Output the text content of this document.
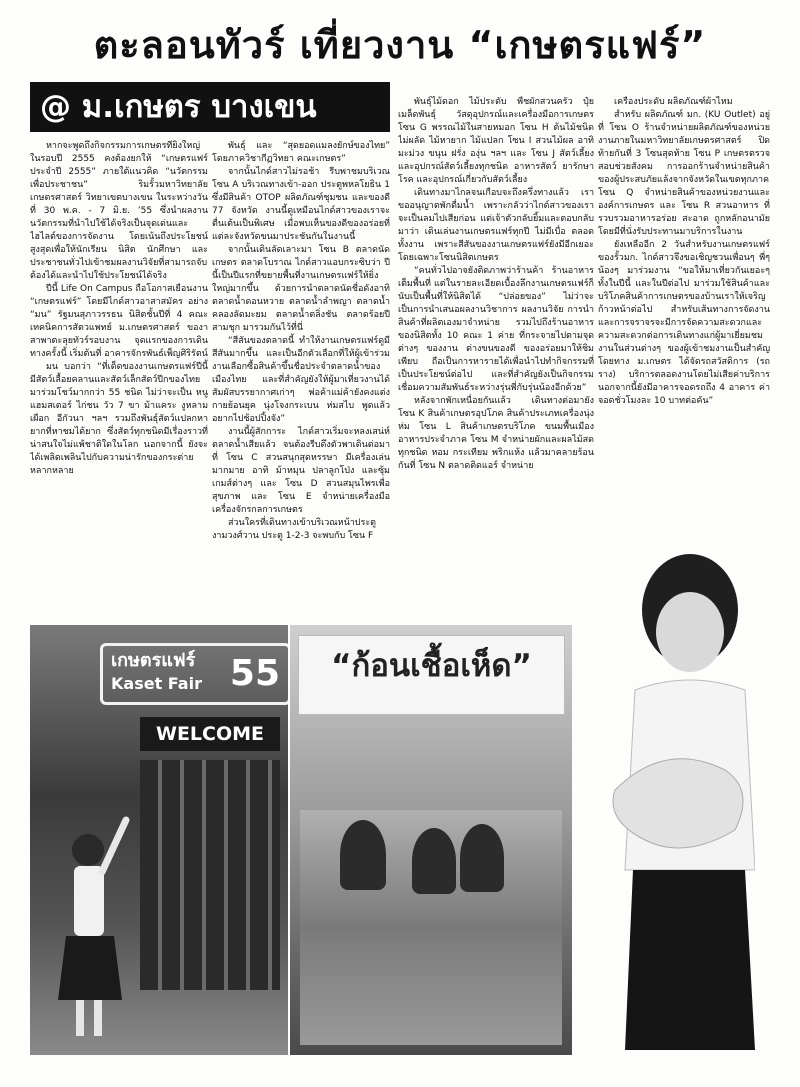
ตะลอนทัวร์ เที่ยวงาน “เกษตรแฟร์”
@ ม.เกษตร บางเขน

หากจะพูดถึงกิจกรรมการเกษตรที่ยิ่งใหญ่ในรอบปี 2555 คงต้องยกให้ “เกษตรแฟร์ ประจำปี 2555” ภายใต้แนวคิด “นวัตกรรมเพื่อประชาชน” ริมรั้วมหาวิทยาลัยเกษตรศาสตร์ วิทยาเขตบางเขน ในระหว่างวันที่ 30 พ.ค. - 7 มิ.ย. ’55 ซึ่งนำผลงานนวัตกรรมที่นำไปใช้ได้จริงเป็นจุดเด่นและไฮไลต์ของการจัดงาน โดยเน้นถึงประโยชน์สูงสุดเพื่อให้นักเรียน นิสิต นักศึกษา และประชาชนทั่วไปเข้าชมผลงานวิจัยที่สามารถจับต้องได้และนำไปใช้ประโยชน์ได้จริง

ปีนี้ Life On Campus ถือโอกาสเยือนงาน “เกษตรแฟร์” โดยมีไกด์สาวอาสาสมัคร อย่าง “มน” รัฐมนสุภาวรรธน นิสิตชั้นปีที่ 4 คณะเทคนิคการสัตวแพทย์ ม.เกษตรศาสตร์ ของาสาพาตะลุยทัวร์รอบงาน จุดแรกของการเดินทางครั้งนี้ เริ่มต้นที่ อาคารจักรพันธ์เพ็ญศิริรัตน์

มน บอกว่า “ที่เด็ดของงานเกษตรแฟร์ปีนี้ มีสัตว์เลื้อยคลานและสัตว์เล็กสัตว์ปีกของไทยมาร่วมโชว์มากกว่า 55 ชนิด ไม่ว่าจะเป็น หนูแฮมสเตอร์ ไก่ชน วัว 7 ขา ม้าแคระ งูหลามเผือก อีกัวนา ฯลฯ รวมถึงพันธุ์สัตว์แปลกหายากที่หาชมได้ยาก ซึ่งสัตว์ทุกชนิดมีเรื่องราวที่น่าสนใจไม่แพ้ชาติใดในโลก นอกจากนี้ ยังจะได้เพลิดเพลินไปกับความน่ารักของกระต่ายหลากหลาย

พันธุ์ และ “สุดยอดแมลงยักษ์ของไทย” โดยภาควิชากีฏวิทยา คณะเกษตร”

จากนั้นไกด์สาวไม่รอช้า รีบพาชมบริเวณ โซน A บริเวณทางเข้า-ออก ประตูพหลโยธิน 1 ซึ่งมีสินค้า OTOP ผลิตภัณฑ์ชุมชน และของดี 77 จังหวัด งานนี้ดูเหมือนไกด์สาวของเราจะตื่นเต้นเป็นพิเศษ เมื่อพบเห็นของดีของอร่อยที่แต่ละจังหวัดขนมาประชันกันในงานนี้

จากนั้นเดินลัดเลาะมา โซน B ตลาดนัดเกษตร ตลาดโบราณ ไกด์สาวแอบกระซิบว่า ปีนี้เป็นปีแรกที่ขยายพื้นที่งานเกษตรแฟร์ให้ยิ่งใหญ่มากขึ้น ด้วยการนำตลาดนัดชื่อดังอาทิ ตลาดน้ำดอนหวาย ตลาดน้ำลำพญา ตลาดน้ำคลองลัดมะยม ตลาดน้ำตลิ่งชัน ตลาดร้อยปีสามชุก มารวมกันไว้ที่นี่

“สีสันของตลาดนี้ ทำให้งานเกษตรแฟร์ดูมีสีสันมากขึ้น และเป็นอีกตัวเลือกที่ให้ผู้เข้าร่วมงานเลือกซื้อสินค้าขึ้นชื่อประจำตลาดน้ำของเมืองไทย และที่สำคัญยังให้ผู้มาเที่ยวงานได้สัมผัสบรรยากาศเก่าๆ พ่อค้าแม่ค้ายังคงแต่งกายย้อนยุค นุ่งโจงกระเบน ห่มสไบ พูดแล้วอยากไปช้อปปิ้งจัง”

งานนี้ผู้สักการะ ไกด์สาวเริ่มจะหลงเสน่ห์ตลาดน้ำเสียแล้ว จนต้องรีบดึงตัวพาเดินต่อมาที่ โซน C สวนสนุกสุดหรรษา มีเครื่องเล่นมากมาย อาทิ ม้าหมุน ปลาลูกโป่ง และซุ้มเกมส์ต่างๆ และ โซน D สวนสมุนไพรเพื่อสุขภาพ และ โซน E จำหน่ายเครื่องมือเครื่องจักรกลการเกษตร

ส่วนใครที่เดินทางเข้าบริเวณหน้าประตูงามวงศ์วาน ประตู 1-2-3 จะพบกับ โซน F

พันธุ์ไม้ดอก ไม้ประดับ พืชผักสวนครัว ปุ๋ย เมล็ดพันธุ์ วัสดุอุปกรณ์และเครื่องมือการเกษตร โซน G พรรณไม้ในสายหมอก โซน H ต้นไม้ชนิดไม่ผลัด ไม้หายาก ไม้แปลก โซน I สวนไม้ผล อาทิ มะม่วง ขนุน ฝรั่ง องุ่น ฯลฯ และ โซน J สัตว์เลี้ยงและอุปกรณ์สัตว์เลี้ยงทุกชนิด อาหารสัตว์ ยารักษาโรค และอุปกรณ์เกี่ยวกับสัตว์เลี้ยง

เดินทางมาไกลจนเกือบจะถึงครึ่งทางแล้ว เราขออนุญาตพักดื่มน้ำ เพราะกลัวว่าไกด์สาวของเราจะเป็นลมไปเสียก่อน แต่เจ้าตัวกลับยิ้มและตอบกลับมาว่า เดินเล่นงานเกษตรแฟร์ทุกปี ไม่มีเบื่อ ตลอดทั้งงาน เพราะสีสันของงานเกษตรแฟร์ยังมีอีกเยอะ โดยเฉพาะโซนนิสิตเกษตร

“คนทั่วไปอาจยังติดภาพว่าร้านค้า ร้านอาหาร เต็มพื้นที่ แต่ในรายละเอียดเบื้องลึกงานเกษตรแฟร์ก็นับเป็นพื้นที่ให้นิสิตได้ “ปล่อยของ” ไม่ว่าจะเป็นการนำเสนอผลงานวิชาการ ผลงานวิจัย การนำสินค้าที่ผลิตเองมาจำหน่าย รวมไปถึงร้านอาหารของนิสิตทั้ง 10 คณะ 1 ค่าย ที่กระจายไปตามจุดต่างๆ ของงาน ต่างขนของดี ของอร่อยมาให้ชิมเพียบ ถือเป็นการหารายได้เพื่อนำไปทำกิจกรรมที่เป็นประโยชน์ต่อไป และที่สำคัญยังเป็นกิจกรรมเชื่อมความสัมพันธ์ระหว่างรุ่นพี่กับรุ่นน้องอีกด้วย”

หลังจากพักเหนื่อยกันแล้ว เดินทางต่อมายัง โซน K สินค้าเกษตรอุปโภค สินค้าประเภทเครื่องนุ่งห่ม โซน L สินค้าเกษตรบริโภค ขนมพื้นเมือง อาหารประจำภาค โซน M จำหน่ายผักและผลไม้สดทุกชนิด หอม กระเทียม พริกแห้ง แล้วมาคลายร้อนกันที่ โซน N ตลาดติดแอร์ จำหน่าย

เครื่องประดับ ผลิตภัณฑ์ผ้าไหม

สำหรับ ผลิตภัณฑ์ มก. (KU Outlet) อยู่ที่ โซน O ร้านจำหน่ายผลิตภัณฑ์ของหน่วยงานภายในมหาวิทยาลัยเกษตรศาสตร์ ปิดท้ายกันที่ 3 โซนสุดท้าย โซน P เกษตรตรวจสอบช่วยสังคม การออกร้านจำหน่ายสินค้าของผู้ประสบภัยแล้งจากจังหวัดในเขตทุกภาค โซน Q จำหน่ายสินค้าของหน่วยงานและองค์การเกษตร และ โซน R สวนอาหาร ที่รวบรวมอาหารอร่อย สะอาด ถูกหลักอนามัย โดยมีที่นั่งรับประทานมาบริการในงาน

ยังเหลืออีก 2 วันสำหรับงานเกษตรแฟร์ของรั้วมก. ไกด์สาวจึงขอเชิญชวนเพื่อนๆ พี่ๆ น้องๆ มาร่วมงาน “ขอให้มาเที่ยวกันเยอะๆ ทั้งในปีนี้ และในปีต่อไป มาร่วมใช้สินค้าและบริโภคสินค้าการเกษตรของบ้านเราให้เจริญก้าวหน้าต่อไป สำหรับเส้นทางการจัดงานและการจราจรจะมีการจัดความสะดวกและความสะดวกต่อการเดินทางแก่ผู้มาเยี่ยมชมงานในส่วนต่างๆ ของผู้เข้าชมงานเป็นสำคัญ โดยทาง ม.เกษตร ได้จัดรถสวัสดิการ (รถราง) บริการตลอดงานโดยไม่เสียค่าบริการ นอกจากนี้ยังมีอาคารจอดรถถึง 4 อาคาร ค่าจอดชั่วโมงละ 10 บาทต่อคัน”

เกษตรแฟร์
Kaset Fair 55
WELCOME
“ก้อนเชื้อเห็ด”
